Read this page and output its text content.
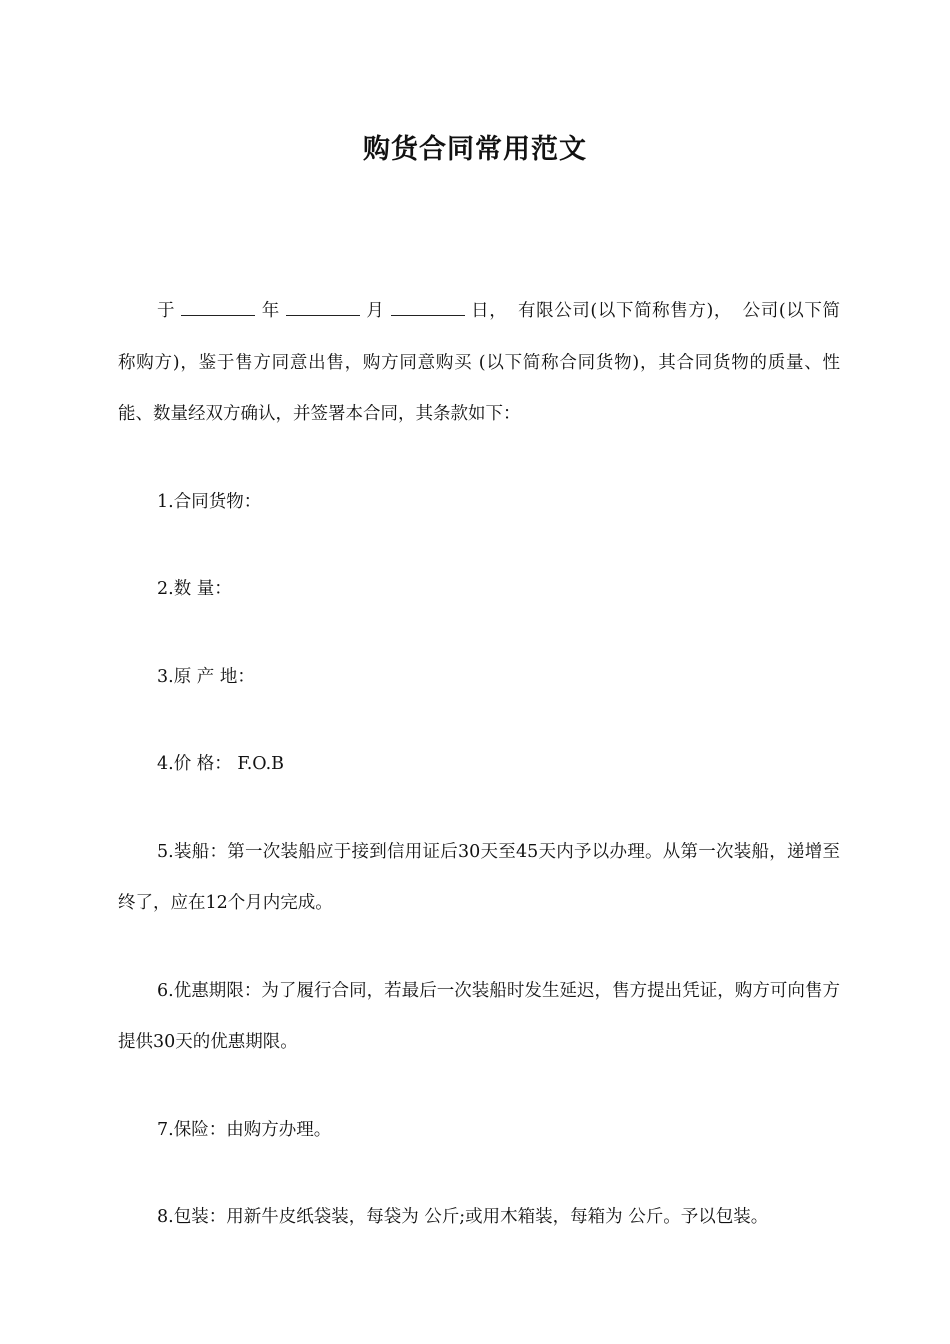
购货合同常用范文

于	年	月	日， 有限公司(以下简称售方)， 公司(以下简称购方)，鉴于售方同意出售，购方同意购买 (以下简称合同货物)，其合同货物的质量、性能、数量经双方确认，并签署本合同，其条款如下：

1.合同货物：

2.数 量：

3.原 产 地：

4.价 格： F.O.B

5.装船：第一次装船应于接到信用证后30天至45天内予以办理。从第一次装船，递增至终了，应在12个月内完成。

6.优惠期限：为了履行合同，若最后一次装船时发生延迟，售方提出凭证，购方可向售方提供30天的优惠期限。

7.保险：由购方办理。

8.包装：用新牛皮纸袋装，每袋为 公斤;或用木箱装，每箱为 公斤。予以包装。
